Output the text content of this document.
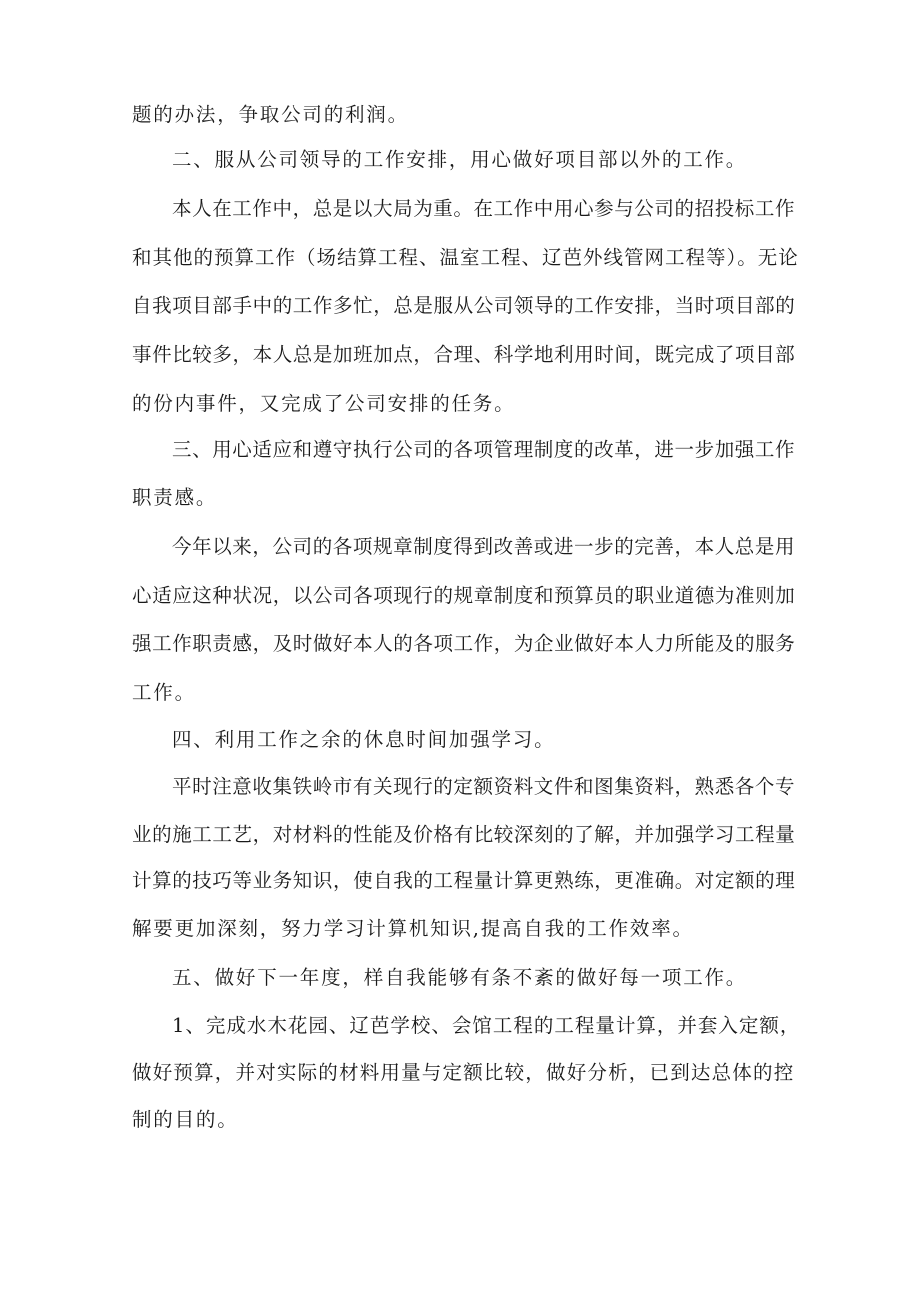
题的办法，争取公司的利润。

二、服从公司领导的工作安排，用心做好项目部以外的工作。

本人在工作中，总是以大局为重。在工作中用心参与公司的招投标工作

和其他的预算工作（场结算工程、温室工程、辽芭外线管网工程等）。无论

自我项目部手中的工作多忙，总是服从公司领导的工作安排，当时项目部的

事件比较多，本人总是加班加点，合理、科学地利用时间，既完成了项目部

的份内事件，又完成了公司安排的任务。

三、用心适应和遵守执行公司的各项管理制度的改革，进一步加强工作

职责感。

今年以来，公司的各项规章制度得到改善或进一步的完善，本人总是用

心适应这种状况，以公司各项现行的规章制度和预算员的职业道德为准则加

强工作职责感，及时做好本人的各项工作，为企业做好本人力所能及的服务

工作。

四、利用工作之余的休息时间加强学习。

平时注意收集铁岭市有关现行的定额资料文件和图集资料，熟悉各个专

业的施工工艺，对材料的性能及价格有比较深刻的了解，并加强学习工程量

计算的技巧等业务知识，使自我的工程量计算更熟练，更准确。对定额的理

解要更加深刻，努力学习计算机知识,提高自我的工作效率。

五、做好下一年度，样自我能够有条不紊的做好每一项工作。

1、完成水木花园、辽芭学校、会馆工程的工程量计算，并套入定额，

做好预算，并对实际的材料用量与定额比较，做好分析，已到达总体的控

制的目的。
